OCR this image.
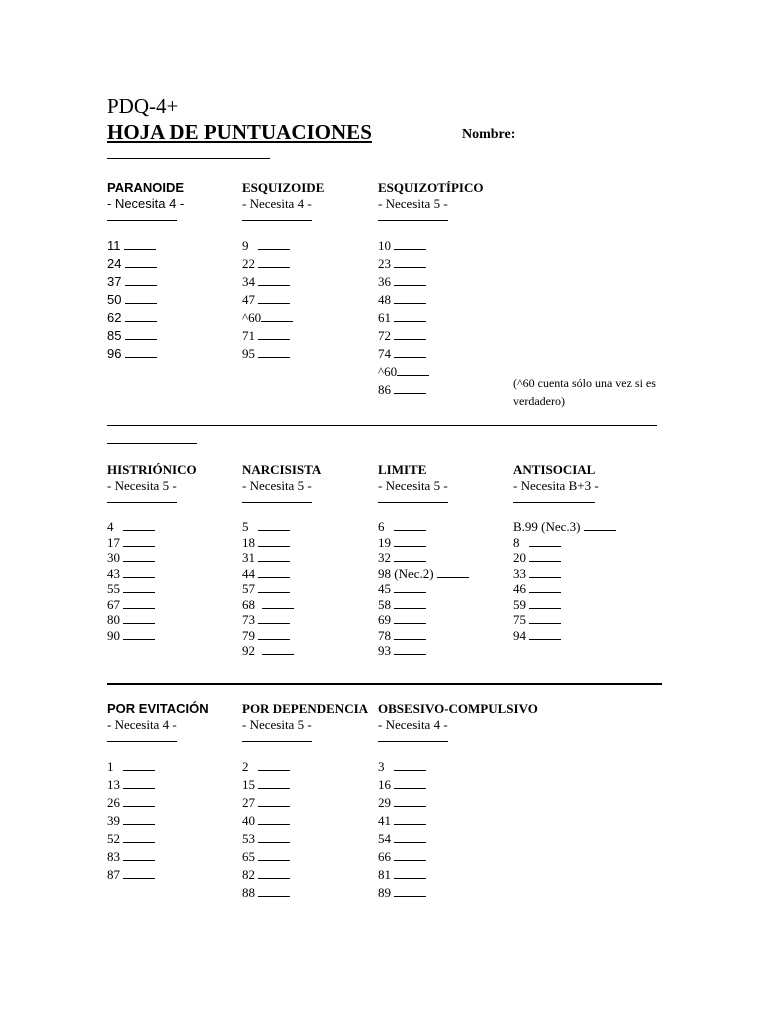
PDQ-4+
HOJA DE PUNTUACIONES	Nombre:
PARANOIDE
- Necesita 4 -
11
24
37
50
62
85
96
ESQUIZOIDE
- Necesita 4 -
9
22
34
47
^60
71
95
ESQUIZOTÍPICO
- Necesita 5 -
10
23
36
48
61
72
74
^60
86	(^60 cuenta sólo una vez si es verdadero)
HISTRIÓNICO
- Necesita 5 -
4
17
30
43
55
67
80
90
NARCISISTA
- Necesita 5 -
5
18
31
44
57
68
73
79
92
LIMITE
- Necesita 5 -
6
19
32
98 (Nec.2)
45
58
69
78
93
ANTISOCIAL
- Necesita B+3 -
B.99 (Nec.3)
8
20
33
46
59
75
94
POR EVITACIÓN
- Necesita 4 -
1
13
26
39
52
83
87
POR DEPENDENCIA
- Necesita 5 -
2
15
27
40
53
65
82
88
OBSESIVO-COMPULSIVO
- Necesita 4 -
3
16
29
41
54
66
81
89
